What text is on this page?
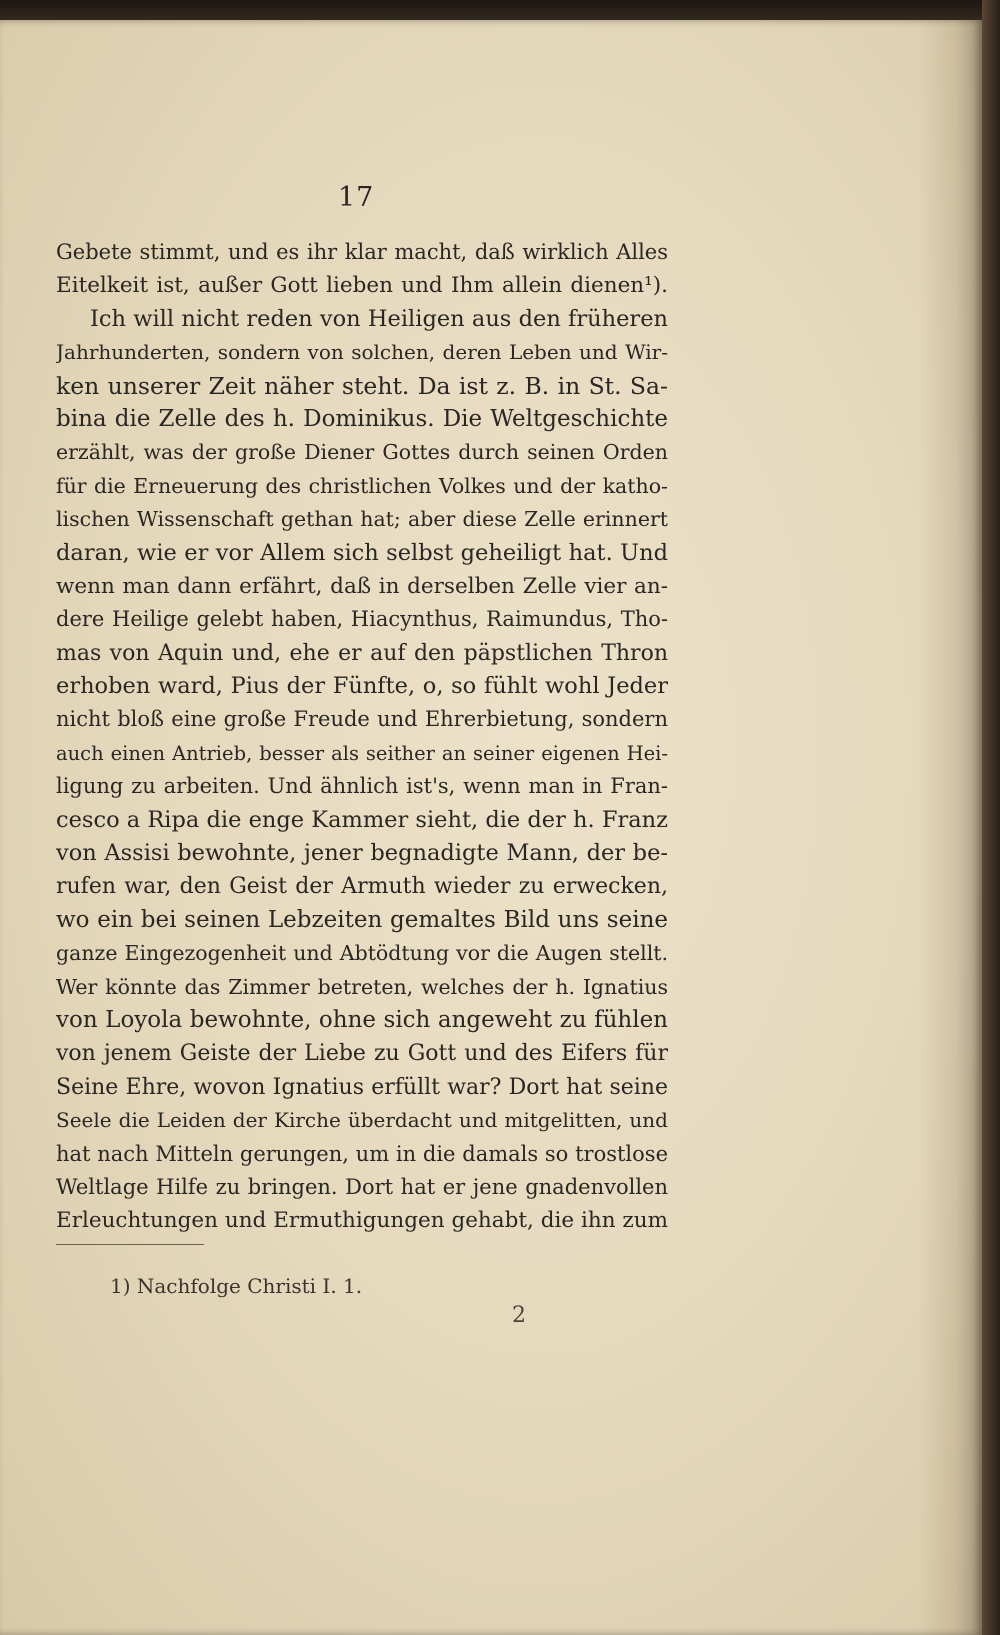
17
Gebete stimmt, und es ihr klar macht, daß wirklich Alles
Eitelkeit ist, außer Gott lieben und Ihm allein dienen¹).
Ich will nicht reden von Heiligen aus den früheren
Jahrhunderten, sondern von solchen, deren Leben und Wir-
ken unserer Zeit näher steht. Da ist z. B. in St. Sa-
bina die Zelle des h. Dominikus. Die Weltgeschichte
erzählt, was der große Diener Gottes durch seinen Orden
für die Erneuerung des christlichen Volkes und der katho-
lischen Wissenschaft gethan hat; aber diese Zelle erinnert
daran, wie er vor Allem sich selbst geheiligt hat. Und
wenn man dann erfährt, daß in derselben Zelle vier an-
dere Heilige gelebt haben, Hiacynthus, Raimundus, Tho-
mas von Aquin und, ehe er auf den päpstlichen Thron
erhoben ward, Pius der Fünfte, o, so fühlt wohl Jeder
nicht bloß eine große Freude und Ehrerbietung, sondern
auch einen Antrieb, besser als seither an seiner eigenen Hei-
ligung zu arbeiten. Und ähnlich ist's, wenn man in Fran-
cesco a Ripa die enge Kammer sieht, die der h. Franz
von Assisi bewohnte, jener begnadigte Mann, der be-
rufen war, den Geist der Armuth wieder zu erwecken,
wo ein bei seinen Lebzeiten gemaltes Bild uns seine
ganze Eingezogenheit und Abtödtung vor die Augen stellt.
Wer könnte das Zimmer betreten, welches der h. Ignatius
von Loyola bewohnte, ohne sich angeweht zu fühlen
von jenem Geiste der Liebe zu Gott und des Eifers für
Seine Ehre, wovon Ignatius erfüllt war? Dort hat seine
Seele die Leiden der Kirche überdacht und mitgelitten, und
hat nach Mitteln gerungen, um in die damals so trostlose
Weltlage Hilfe zu bringen. Dort hat er jene gnadenvollen
Erleuchtungen und Ermuthigungen gehabt, die ihn zum
1) Nachfolge Christi I. 1.
2
